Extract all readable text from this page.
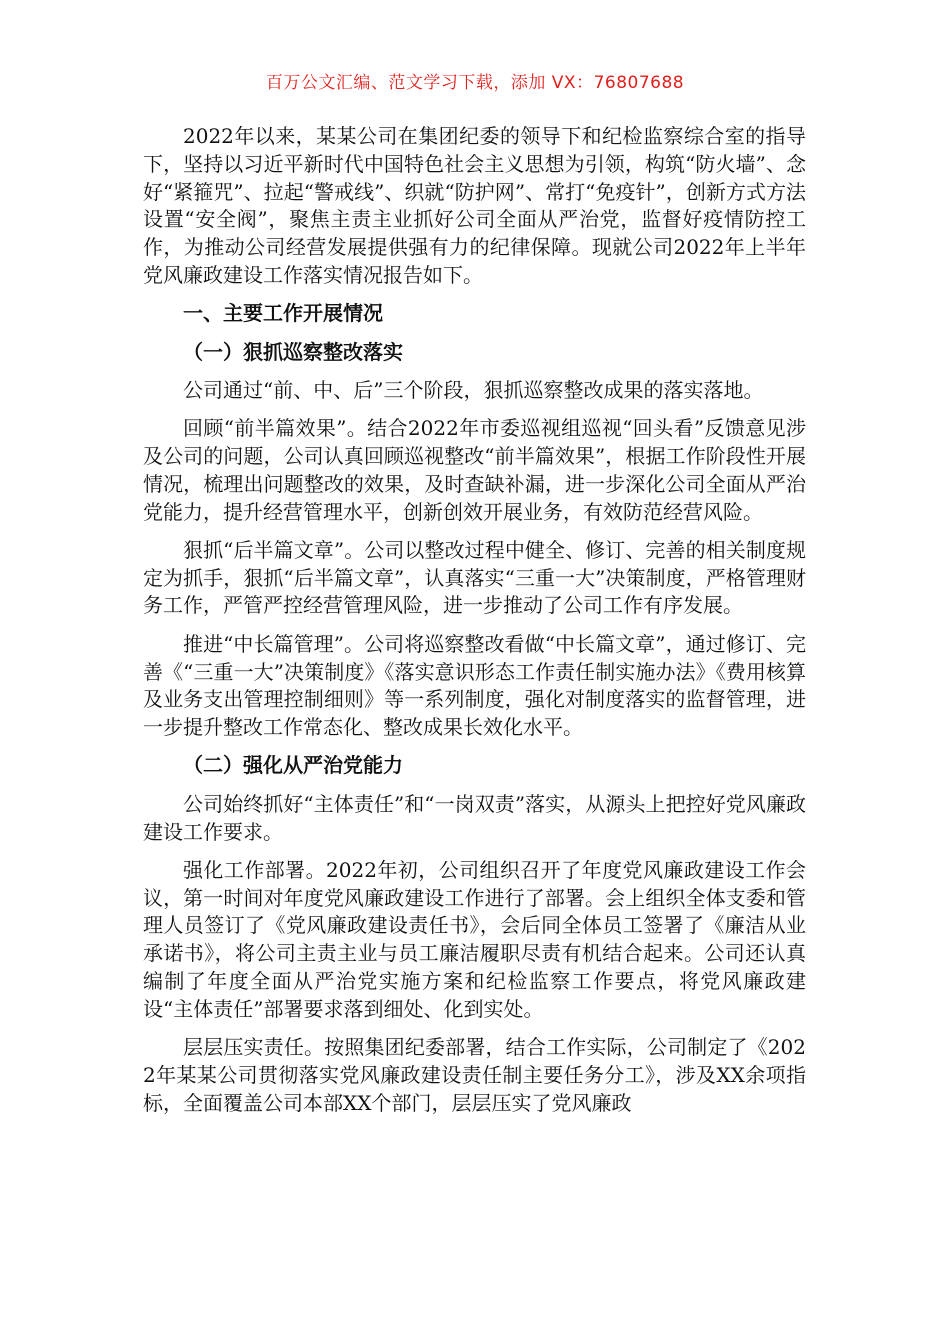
百万公文汇编、范文学习下载，添加 VX：76807688

2022年以来，某某公司在集团纪委的领导下和纪检监察综合室的指导下，坚持以习近平新时代中国特色社会主义思想为引领，构筑“防火墙”、念好“紧箍咒”、拉起“警戒线”、织就“防护网”、常打“免疫针”，创新方式方法设置“安全阀”，聚焦主责主业抓好公司全面从严治党，监督好疫情防控工作，为推动公司经营发展提供强有力的纪律保障。现就公司2022年上半年党风廉政建设工作落实情况报告如下。

一、主要工作开展情况
（一）狠抓巡察整改落实

公司通过“前、中、后”三个阶段，狠抓巡察整改成果的落实落地。

回顾“前半篇效果”。结合2022年市委巡视组巡视“回头看”反馈意见涉及公司的问题，公司认真回顾巡视整改“前半篇效果”，根据工作阶段性开展情况，梳理出问题整改的效果，及时查缺补漏，进一步深化公司全面从严治党能力，提升经营管理水平，创新创效开展业务，有效防范经营风险。

狠抓“后半篇文章”。公司以整改过程中健全、修订、完善的相关制度规定为抓手，狠抓“后半篇文章”，认真落实“三重一大”决策制度，严格管理财务工作，严管严控经营管理风险，进一步推动了公司工作有序发展。

推进“中长篇管理”。公司将巡察整改看做“中长篇文章”，通过修订、完善《“三重一大”决策制度》《落实意识形态工作责任制实施办法》《费用核算及业务支出管理控制细则》等一系列制度，强化对制度落实的监督管理，进一步提升整改工作常态化、整改成果长效化水平。

（二）强化从严治党能力

公司始终抓好“主体责任”和“一岗双责”落实，从源头上把控好党风廉政建设工作要求。

强化工作部署。2022年初，公司组织召开了年度党风廉政建设工作会议，第一时间对年度党风廉政建设工作进行了部署。会上组织全体支委和管理人员签订了《党风廉政建设责任书》，会后同全体员工签署了《廉洁从业承诺书》，将公司主责主业与员工廉洁履职尽责有机结合起来。公司还认真编制了年度全面从严治党实施方案和纪检监察工作要点，将党风廉政建设“主体责任”部署要求落到细处、化到实处。

层层压实责任。按照集团纪委部署，结合工作实际，公司制定了《2022年某某公司贯彻落实党风廉政建设责任制主要任务分工》，涉及XX余项指标，全面覆盖公司本部XX个部门，层层压实了党风廉政
